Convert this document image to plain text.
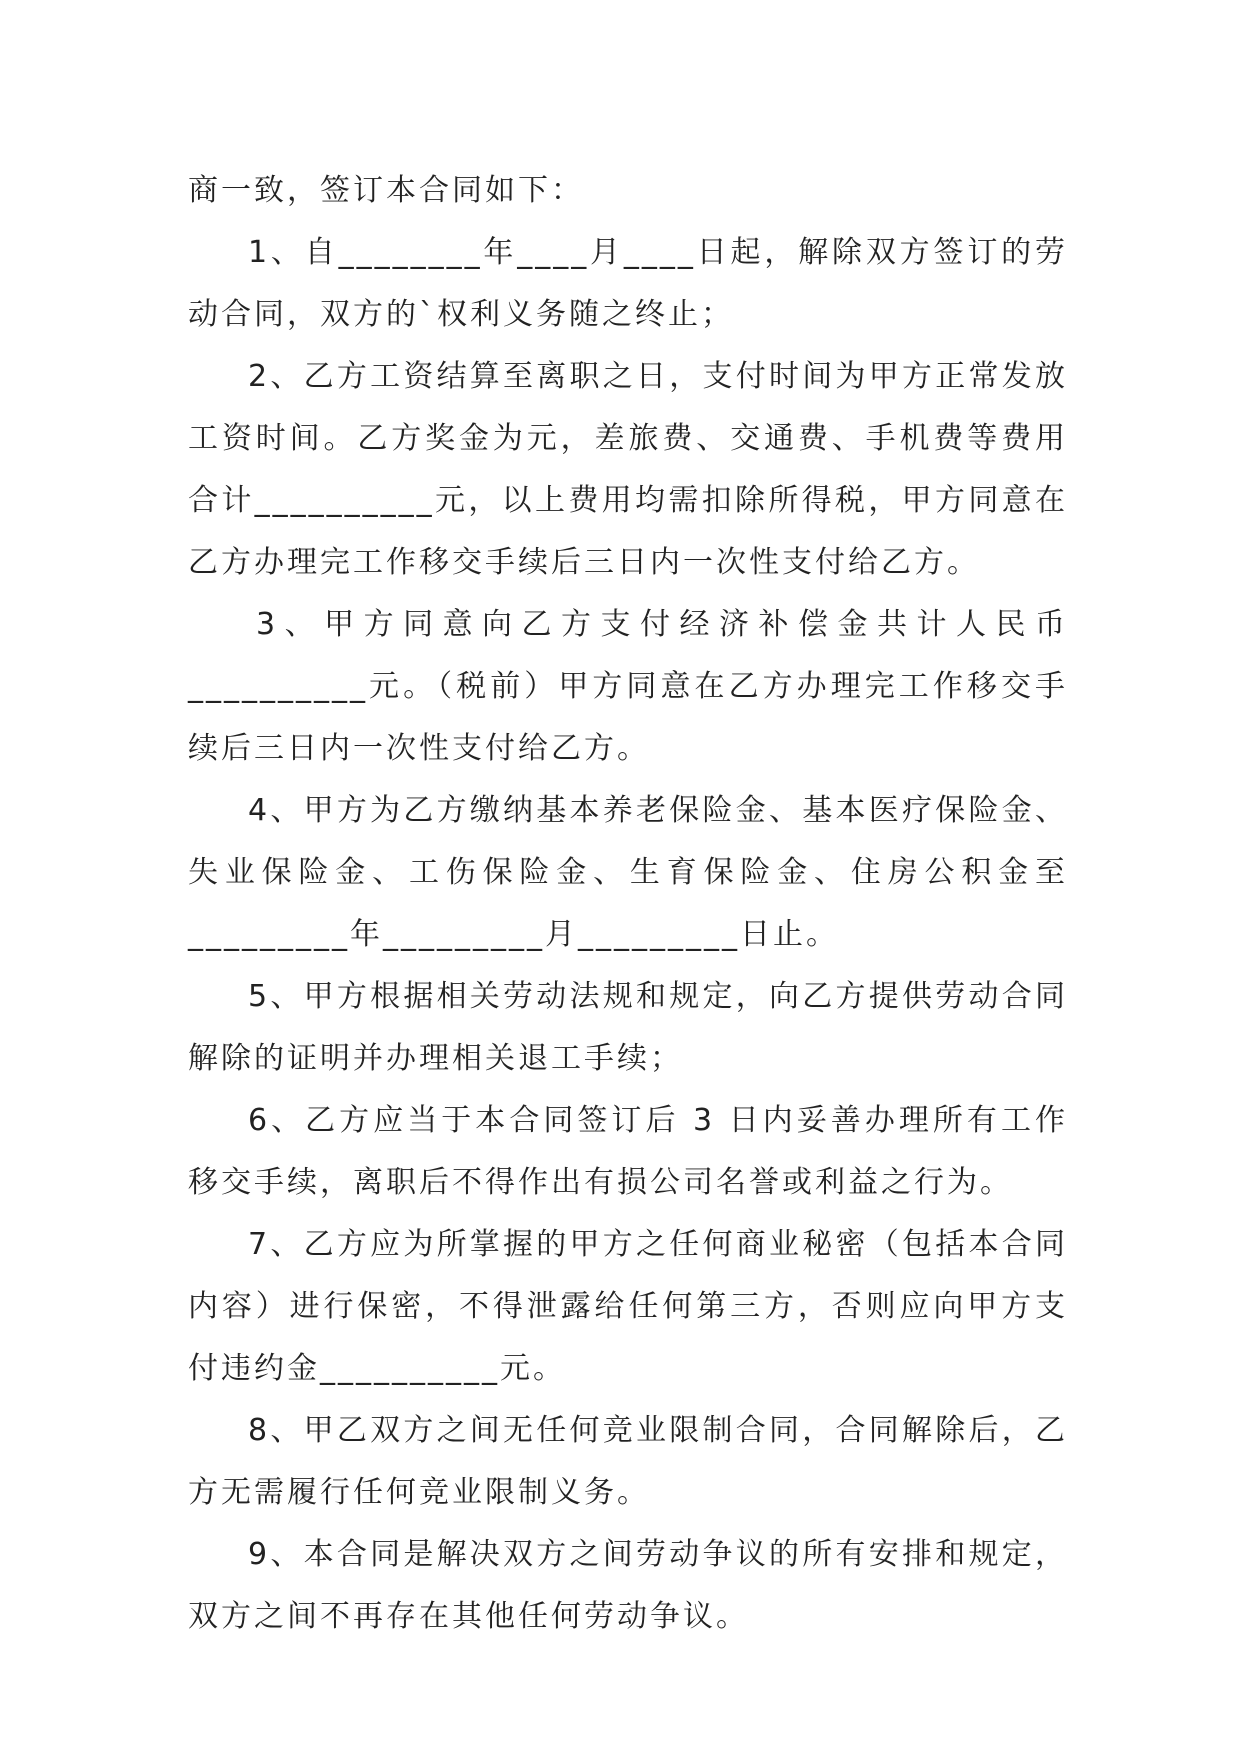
商一致，签订本合同如下：

1、自________年____月____日起，解除双方签订的劳动合同，双方的`权利义务随之终止；

2、乙方工资结算至离职之日，支付时间为甲方正常发放工资时间。乙方奖金为元，差旅费、交通费、手机费等费用合计__________元，以上费用均需扣除所得税，甲方同意在乙方办理完工作移交手续后三日内一次性支付给乙方。

3、甲方同意向乙方支付经济补偿金共计人民币__________元。（税前）甲方同意在乙方办理完工作移交手续后三日内一次性支付给乙方。

4、甲方为乙方缴纳基本养老保险金、基本医疗保险金、失业保险金、工伤保险金、生育保险金、住房公积金至_________年_________月_________日止。

5、甲方根据相关劳动法规和规定，向乙方提供劳动合同解除的证明并办理相关退工手续；

6、乙方应当于本合同签订后 3 日内妥善办理所有工作移交手续，离职后不得作出有损公司名誉或利益之行为。

7、乙方应为所掌握的甲方之任何商业秘密（包括本合同内容）进行保密，不得泄露给任何第三方，否则应向甲方支付违约金__________元。

8、甲乙双方之间无任何竞业限制合同，合同解除后，乙方无需履行任何竞业限制义务。

9、本合同是解决双方之间劳动争议的所有安排和规定，双方之间不再存在其他任何劳动争议。
